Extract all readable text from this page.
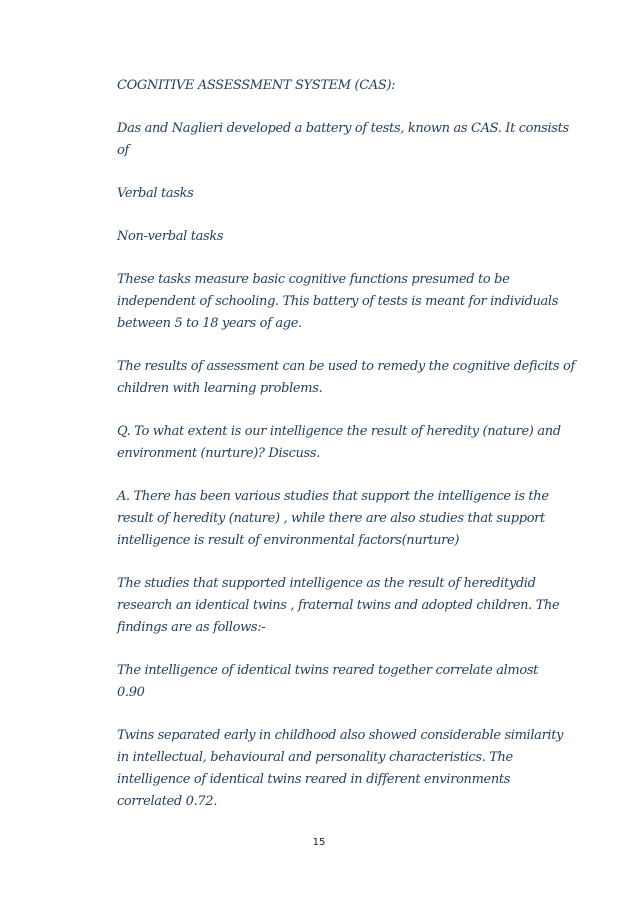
COGNITIVE ASSESSMENT SYSTEM (CAS):

Das and Naglieri developed a battery of tests, known as CAS. It consists
of

Verbal tasks

Non-verbal tasks

These tasks measure basic cognitive functions presumed to be
independent of schooling. This battery of tests is meant for individuals
between 5 to 18 years of age.

The results of assessment can be used to remedy the cognitive deficits of
children with learning problems.

Q. To what extent is our intelligence the result of heredity (nature) and
environment (nurture)? Discuss.

A. There has been various studies that support the intelligence is the
result of heredity (nature) , while there are also studies that support
intelligence is result of environmental factors(nurture)

The studies that supported intelligence as the result of hereditydid
research an identical twins , fraternal twins and adopted children. The
findings are as follows:-

The intelligence of identical twins reared together correlate almost
0.90

Twins separated early in childhood also showed considerable similarity
in intellectual, behavioural and personality characteristics. The
intelligence of identical twins reared in different environments
correlated 0.72.

15
